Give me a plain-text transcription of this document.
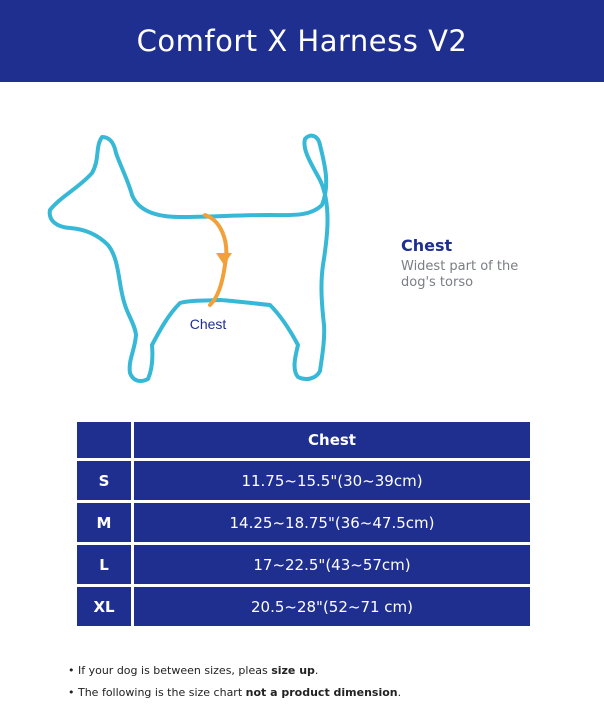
Comfort X Harness V2
Chest
Chest
Widest part of the
dog's torso
	Chest
S	11.75~15.5"(30~39cm)
M	14.25~18.75"(36~47.5cm)
L	17~22.5"(43~57cm)
XL	20.5~28"(52~71 cm)
• If your dog is between sizes, pleas size up.
• The following is the size chart not a product dimension.
